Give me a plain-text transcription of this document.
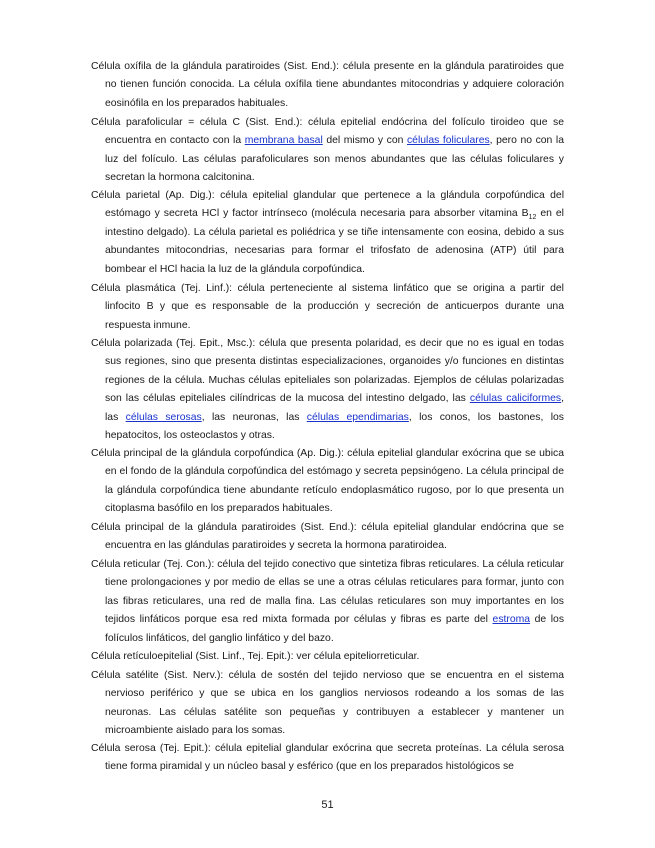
Célula oxífila de la glándula paratiroides (Sist. End.): célula presente en la glándula paratiroides que no tienen función conocida. La célula oxífila tiene abundantes mitocondrias y adquiere coloración eosinófila en los preparados habituales.

Célula parafolicular = célula C (Sist. End.): célula epitelial endócrina del folículo tiroideo que se encuentra en contacto con la membrana basal del mismo y con células foliculares, pero no con la luz del folículo. Las células parafoliculares son menos abundantes que las células foliculares y secretan la hormona calcitonina.

Célula parietal (Ap. Dig.): célula epitelial glandular que pertenece a la glándula corpofúndica del estómago y secreta HCl y factor intrínseco (molécula necesaria para absorber vitamina $B_{12}$ en el intestino delgado). La célula parietal es poliédrica y se tiñe intensamente con eosina, debido a sus abundantes mitocondrias, necesarias para formar el trifosfato de adenosina (ATP) útil para bombear el HCl hacia la luz de la glándula corpofúndica.

Célula plasmática (Tej. Linf.): célula perteneciente al sistema linfático que se origina a partir del linfocito B y que es responsable de la producción y secreción de anticuerpos durante una respuesta inmune.

Célula polarizada (Tej. Epit., Msc.): célula que presenta polaridad, es decir que no es igual en todas sus regiones, sino que presenta distintas especializaciones, organoides y/o funciones en distintas regiones de la célula. Muchas células epiteliales son polarizadas. Ejemplos de células polarizadas son las células epiteliales cilíndricas de la mucosa del intestino delgado, las células caliciformes, las células serosas, las neuronas, las células ependimarias, los conos, los bastones, los hepatocitos, los osteoclastos y otras.

Célula principal de la glándula corpofúndica (Ap. Dig.): célula epitelial glandular exócrina que se ubica en el fondo de la glándula corpofúndica del estómago y secreta pepsinógeno. La célula principal de la glándula corpofúndica tiene abundante retículo endoplasmático rugoso, por lo que presenta un citoplasma basófilo en los preparados habituales.

Célula principal de la glándula paratiroides (Sist. End.): célula epitelial glandular endócrina que se encuentra en las glándulas paratiroides y secreta la hormona paratiroidea.

Célula reticular (Tej. Con.): célula del tejido conectivo que sintetiza fibras reticulares. La célula reticular tiene prolongaciones y por medio de ellas se une a otras células reticulares para formar, junto con las fibras reticulares, una red de malla fina. Las células reticulares son muy importantes en los tejidos linfáticos porque esa red mixta formada por células y fibras es parte del estroma de los folículos linfáticos, del ganglio linfático y del bazo.

Célula retículoepitelial (Sist. Linf., Tej. Epit.): ver célula epiteliorreticular.

Célula satélite (Sist. Nerv.): célula de sostén del tejido nervioso que se encuentra en el sistema nervioso periférico y que se ubica en los ganglios nerviosos rodeando a los somas de las neuronas. Las células satélite son pequeñas y contribuyen a establecer y mantener un microambiente aislado para los somas.

Célula serosa (Tej. Epit.): célula epitelial glandular exócrina que secreta proteínas. La célula serosa tiene forma piramidal y un núcleo basal y esférico (que en los preparados histológicos se

51
